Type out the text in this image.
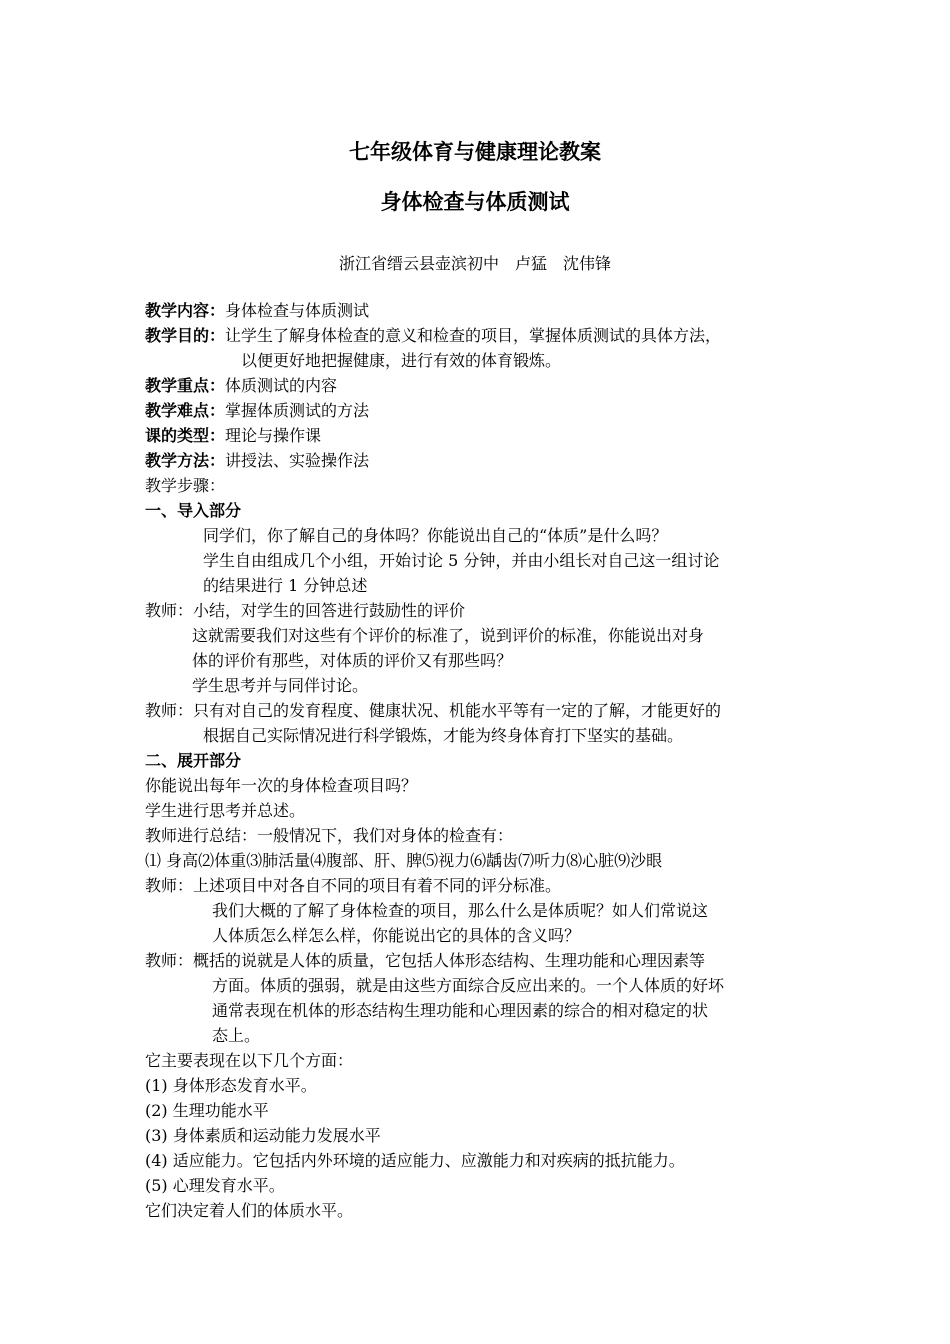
七年级体育与健康理论教案
身体检查与体质测试
浙江省缙云县壶滨初中　卢猛　沈伟锋
教学内容：身体检查与体质测试
教学目的：让学生了解身体检查的意义和检查的项目，掌握体质测试的具体方法，
以便更好地把握健康，进行有效的体育锻炼。
教学重点：体质测试的内容
教学难点：掌握体质测试的方法
课的类型：理论与操作课
教学方法：讲授法、实验操作法
教学步骤：
一、导入部分
同学们，你了解自己的身体吗？你能说出自己的“体质”是什么吗？
学生自由组成几个小组，开始讨论 5 分钟，并由小组长对自己这一组讨论
的结果进行 1 分钟总述
教师：小结，对学生的回答进行鼓励性的评价
这就需要我们对这些有个评价的标准了，说到评价的标准，你能说出对身
体的评价有那些，对体质的评价又有那些吗？
学生思考并与同伴讨论。
教师：只有对自己的发育程度、健康状况、机能水平等有一定的了解，才能更好的
根据自己实际情况进行科学锻炼，才能为终身体育打下坚实的基础。
二、展开部分
你能说出每年一次的身体检查项目吗？
学生进行思考并总述。
教师进行总结：一般情况下，我们对身体的检查有：
⑴ 身高⑵体重⑶肺活量⑷腹部、肝、脾⑸视力⑹龋齿⑺听力⑻心脏⑼沙眼
教师：上述项目中对各自不同的项目有着不同的评分标准。
我们大概的了解了身体检查的项目，那么什么是体质呢？如人们常说这
人体质怎么样怎么样，你能说出它的具体的含义吗？
教师：概括的说就是人体的质量，它包括人体形态结构、生理功能和心理因素等
方面。体质的强弱，就是由这些方面综合反应出来的。一个人体质的好坏
通常表现在机体的形态结构生理功能和心理因素的综合的相对稳定的状
态上。
它主要表现在以下几个方面：
(1) 身体形态发育水平。
(2) 生理功能水平
(3) 身体素质和运动能力发展水平
(4) 适应能力。它包括内外环境的适应能力、应激能力和对疾病的抵抗能力。
(5) 心理发育水平。
它们决定着人们的体质水平。
